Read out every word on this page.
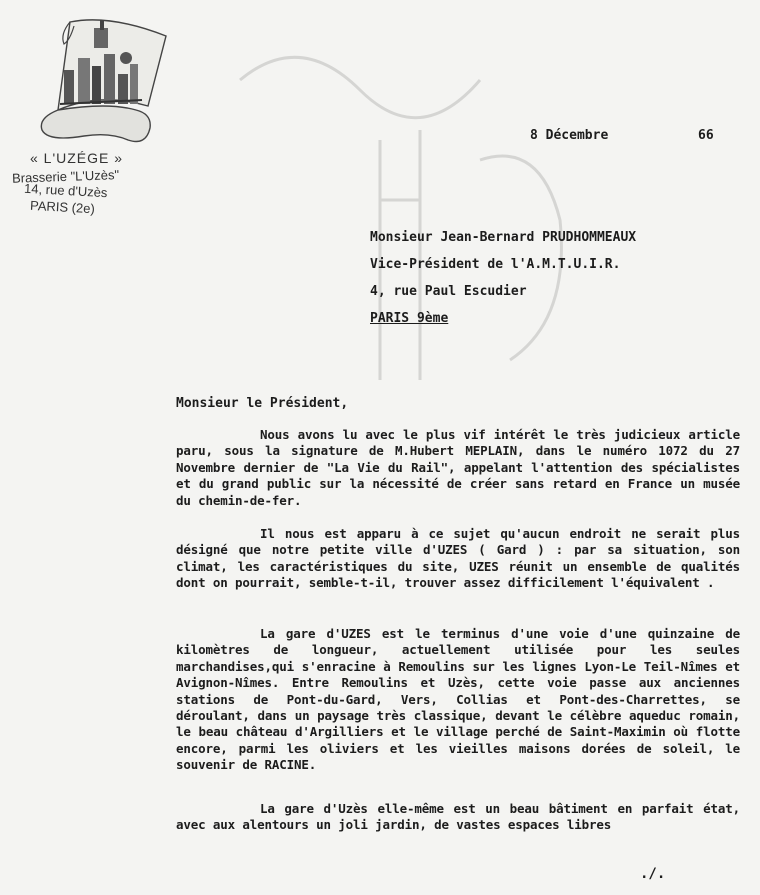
« L'UZÉGE »
Brasserie "L'Uzès"
14, rue d'Uzès
PARIS (2e)
8 Décembre	66
Monsieur Jean-Bernard PRUDHOMMEAUX
Vice-Président de l'A.M.T.U.I.R.
4, rue Paul Escudier
PARIS 9ème
Monsieur le Président,

Nous avons lu avec le plus vif intérêt le très judicieux article paru, sous la signature de M.Hubert MEPLAIN, dans le numéro 1072 du 27 Novembre dernier de "La Vie du Rail", appelant l'attention des spécialistes et du grand public sur la nécessité de créer sans retard en France un musée du chemin-de-fer.

Il nous est apparu à ce sujet qu'aucun endroit ne serait plus désigné que notre petite ville d'UZES ( Gard ) : par sa situation, son climat, les caractéristiques du site, UZES réunit un ensemble de qualités dont on pourrait, semble-t-il, trouver assez difficilement l'équivalent .

La gare d'UZES est le terminus d'une voie d'une quinzaine de kilomètres de longueur, actuellement utilisée pour les seules marchandises,qui s'enracine à Remoulins sur les lignes Lyon-Le Teil-Nîmes et Avignon-Nîmes. Entre Remoulins et Uzès, cette voie passe aux anciennes stations de Pont-du-Gard, Vers, Collias et Pont-des-Charrettes, se déroulant, dans un paysage très classique, devant le célèbre aqueduc romain, le beau château d'Argilliers et le village perché de Saint-Maximin où flotte encore, parmi les oliviers et les vieilles maisons dorées de soleil, le souvenir de RACINE.

La gare d'Uzès elle-même est un beau bâtiment en parfait état, avec aux alentours un joli jardin, de vastes espaces libres

./.
